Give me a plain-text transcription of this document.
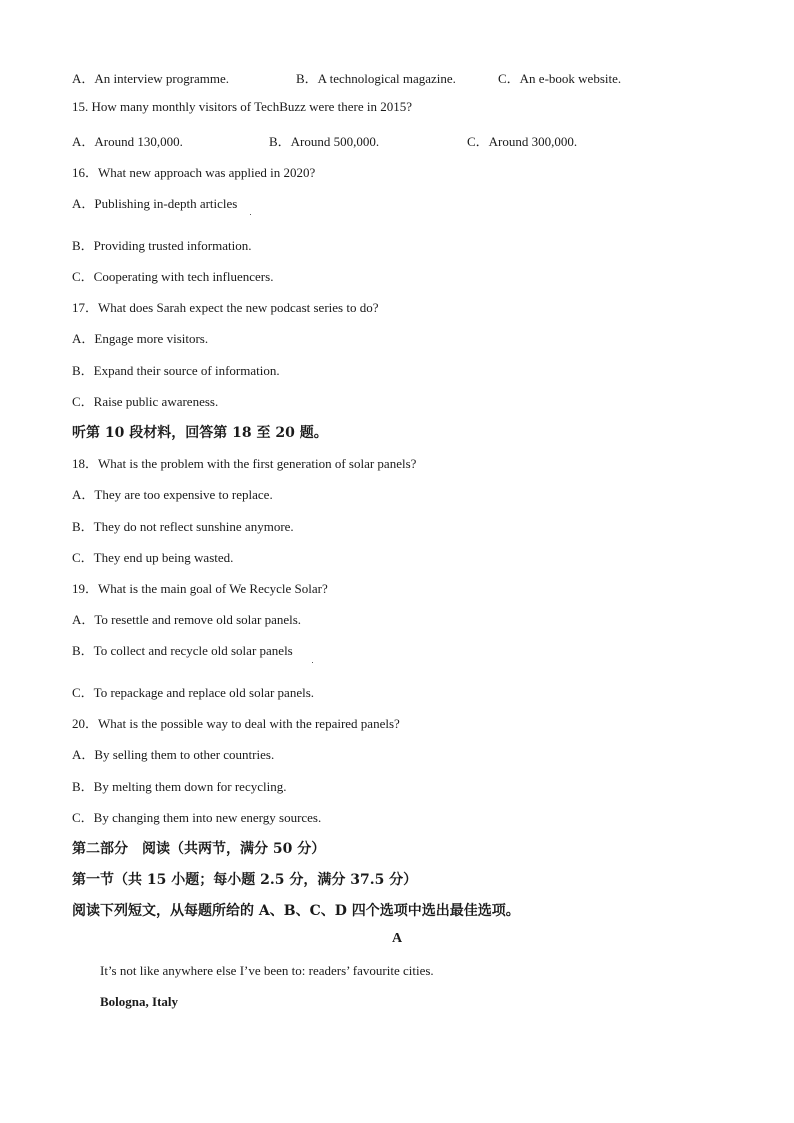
A．An interview programme.	B．A technological magazine.	C．An e-book website.
15. How many monthly visitors of TechBuzz were there in 2015?
A．Around 130,000.	B．Around 500,000.	C．Around 300,000.
16．What new approach was applied in 2020?
A．Publishing in-depth articles
B．Providing trusted information.
C．Cooperating with tech influencers.
17．What does Sarah expect the new podcast series to do?
A．Engage more visitors.
B．Expand their source of information.
C．Raise public awareness.
听第 10 段材料，回答第 18 至 20 题。
18．What is the problem with the first generation of solar panels?
A．They are too expensive to replace.
B．They do not reflect sunshine anymore.
C．They end up being wasted.
19．What is the main goal of We Recycle Solar?
A．To resettle and remove old solar panels.
B．To collect and recycle old solar panels
C．To repackage and replace old solar panels.
20．What is the possible way to deal with the repaired panels?
A．By selling them to other countries.
B．By melting them down for recycling.
C．By changing them into new energy sources.
第二部分　阅读（共两节，满分 50 分）
第一节（共 15 小题；每小题 2.5 分，满分 37.5 分）
阅读下列短文，从每题所给的 A、B、C、D 四个选项中选出最佳选项。
A
It’s not like anywhere else I’ve been to: readers’ favourite cities.
Bologna, Italy
